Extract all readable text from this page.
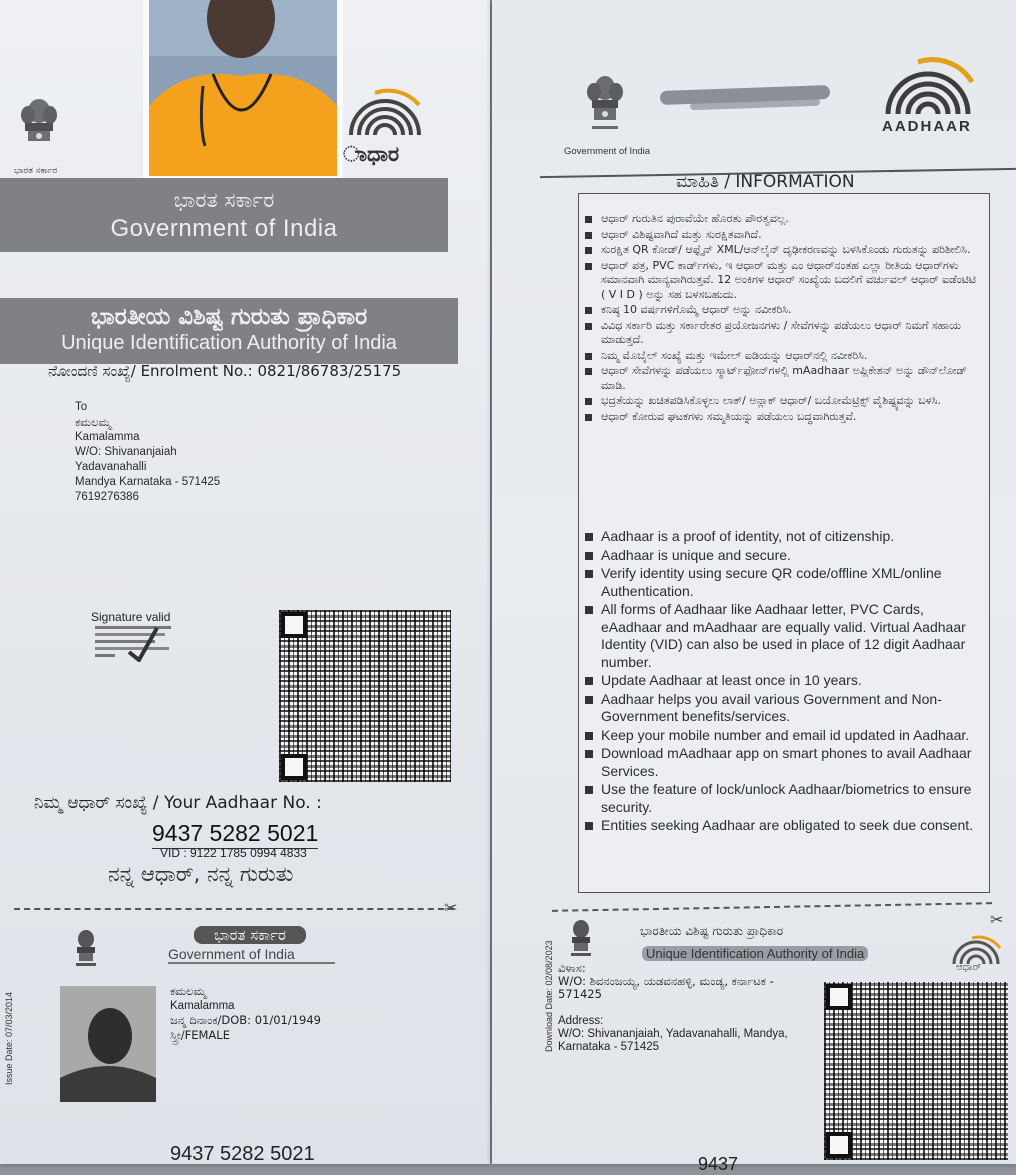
ಭಾರತ ಸರ್ಕಾರ
ಾಧಾರ
ಭಾರತ ಸರ್ಕಾರ
Government of India
ಭಾರತೀಯ ವಿಶಿಷ್ಟ ಗುರುತು ಪ್ರಾಧಿಕಾರ
Unique Identification Authority of India
ನೋಂದಣಿ ಸಂಖ್ಯೆ/ Enrolment No.: 0821/86783/25175
To
ಕಮಲಮ್ಮ
Kamalamma
W/O: Shivananjaiah
Yadavanahalli
Mandya Karnataka - 571425
7619276386
Signature valid
ನಿಮ್ಮ ಆಧಾರ್ ಸಂಖ್ಯೆ / Your Aadhaar No. :
9437 5282 5021
VID : 9122 1785 0994 4833
ನನ್ನ ಆಧಾರ್, ನನ್ನ ಗುರುತು
✂
ಭಾರತ ಸರ್ಕಾರ
Government of India
Issue Date: 07/03/2014
ಕಮಲಮ್ಮ
Kamalamma
ಜನ್ಮ ದಿನಾಂಕ/DOB: 01/01/1949
ಸ್ತ್ರೀ/FEMALE
9437 5282 5021
Government of India
AADHAAR
ಮಾಹಿತಿ / INFORMATION
ಆಧಾರ್ ಗುರುತಿನ ಪುರಾವೆಯೇ ಹೊರತು ಪೌರತ್ವವಲ್ಲ.
ಆಧಾರ್ ವಿಶಿಷ್ಟವಾಗಿದೆ ಮತ್ತು ಸುರಕ್ಷಿತವಾಗಿದೆ.
ಸುರಕ್ಷಿತ QR ಕೋಡ್/ ಆಫ್ಲೈನ್ XML/ಆನ್‌ಲೈನ್ ದೃಢೀಕರಣವನ್ನು ಬಳಸಿಕೊಂಡು ಗುರುತನ್ನು ಪರಿಶೀಲಿಸಿ.
ಆಧಾರ್ ಪತ್ರ, PVC ಕಾರ್ಡ್‌ಗಳು, ಇ ಆಧಾರ್ ಮತ್ತು ಎಂ ಆಧಾರ್‌ನಂತಹ ಎಲ್ಲಾ ರೀತಿಯ ಆಧಾರ್‌ಗಳು ಸಮಾನವಾಗಿ ಮಾನ್ಯವಾಗಿರುತ್ತವೆ. 12 ಅಂಕಿಗಳ ಆಧಾರ್ ಸಂಖ್ಯೆಯ ಬದಲಿಗೆ ವರ್ಚುವಲ್ ಆಧಾರ್ ಐಡೆಂಟಿಟಿ ( V I D ) ಅನ್ನು ಸಹ ಬಳಸಬಹುದು.
ಕನಿಷ್ಠ 10 ವರ್ಷಗಳಿಗೊಮ್ಮೆ ಆಧಾರ್ ಅನ್ನು ನವೀಕರಿಸಿ.
ವಿವಿಧ ಸರ್ಕಾರಿ ಮತ್ತು ಸರ್ಕಾರೇತರ ಪ್ರಯೋಜನಗಳು / ಸೇವೆಗಳನ್ನು ಪಡೆಯಲು ಆಧಾರ್ ನಿಮಗೆ ಸಹಾಯ ಮಾಡುತ್ತದೆ.
ನಿಮ್ಮ ಮೊಬೈಲ್ ಸಂಖ್ಯೆ ಮತ್ತು ಇಮೇಲ್ ಐಡಿಯನ್ನು ಆಧಾರ್‌ನಲ್ಲಿ ನವೀಕರಿಸಿ.
ಆಧಾರ್ ಸೇವೆಗಳನ್ನು ಪಡೆಯಲು ಸ್ಮಾರ್ಟ್‌ಫೋನ್‌ಗಳಲ್ಲಿ mAadhaar ಅಪ್ಲಿಕೇಶನ್ ಅನ್ನು ಡೌನ್‌ಲೋಡ್ ಮಾಡಿ.
ಭದ್ರತೆಯನ್ನು ಖಚಿತಪಡಿಸಿಕೊಳ್ಳಲು ಲಾಕ್/ ಅನ್ಲಾಕ್ ಆಧಾರ್/ ಬಯೋಮೆಟ್ರಿಕ್ಸ್ ವೈಶಿಷ್ಟ್ಯವನ್ನು ಬಳಸಿ.
ಆಧಾರ್ ಕೋರುವ ಘಟಕಗಳು ಸಮ್ಮತಿಯನ್ನು ಪಡೆಯಲು ಬದ್ಧವಾಗಿರುತ್ತವೆ.
Aadhaar is a proof of identity, not of citizenship.
Aadhaar is unique and secure.
Verify identity using secure QR code/offline XML/online Authentication.
All forms of Aadhaar like Aadhaar letter, PVC Cards, eAadhaar and mAadhaar are equally valid. Virtual Aadhaar Identity (VID) can also be used in place of 12 digit Aadhaar number.
Update Aadhaar at least once in 10 years.
Aadhaar helps you avail various Government and Non- Government benefits/services.
Keep your mobile number and email id updated in Aadhaar.
Download mAadhaar app on smart phones to avail Aadhaar Services.
Use the feature of lock/unlock Aadhaar/biometrics to ensure security.
Entities seeking Aadhaar are obligated to seek due consent.
✂
ಭಾರತೀಯ ವಿಶಿಷ್ಟ ಗುರುತು ಪ್ರಾಧಿಕಾರ
Unique Identification Authority of India
ಆಧಾರ್
Download Date: 02/08/2023 ವಿಳಾಸ:
W/O: ಶಿವನಂಜಯ್ಯ, ಯಡವನಹಳ್ಳಿ, ಮಂಡ್ಯ, ಕರ್ನಾಟಕ - 571425
Address:
W/O: Shivananjaiah, Yadavanahalli, Mandya, Karnataka - 571425
9437
